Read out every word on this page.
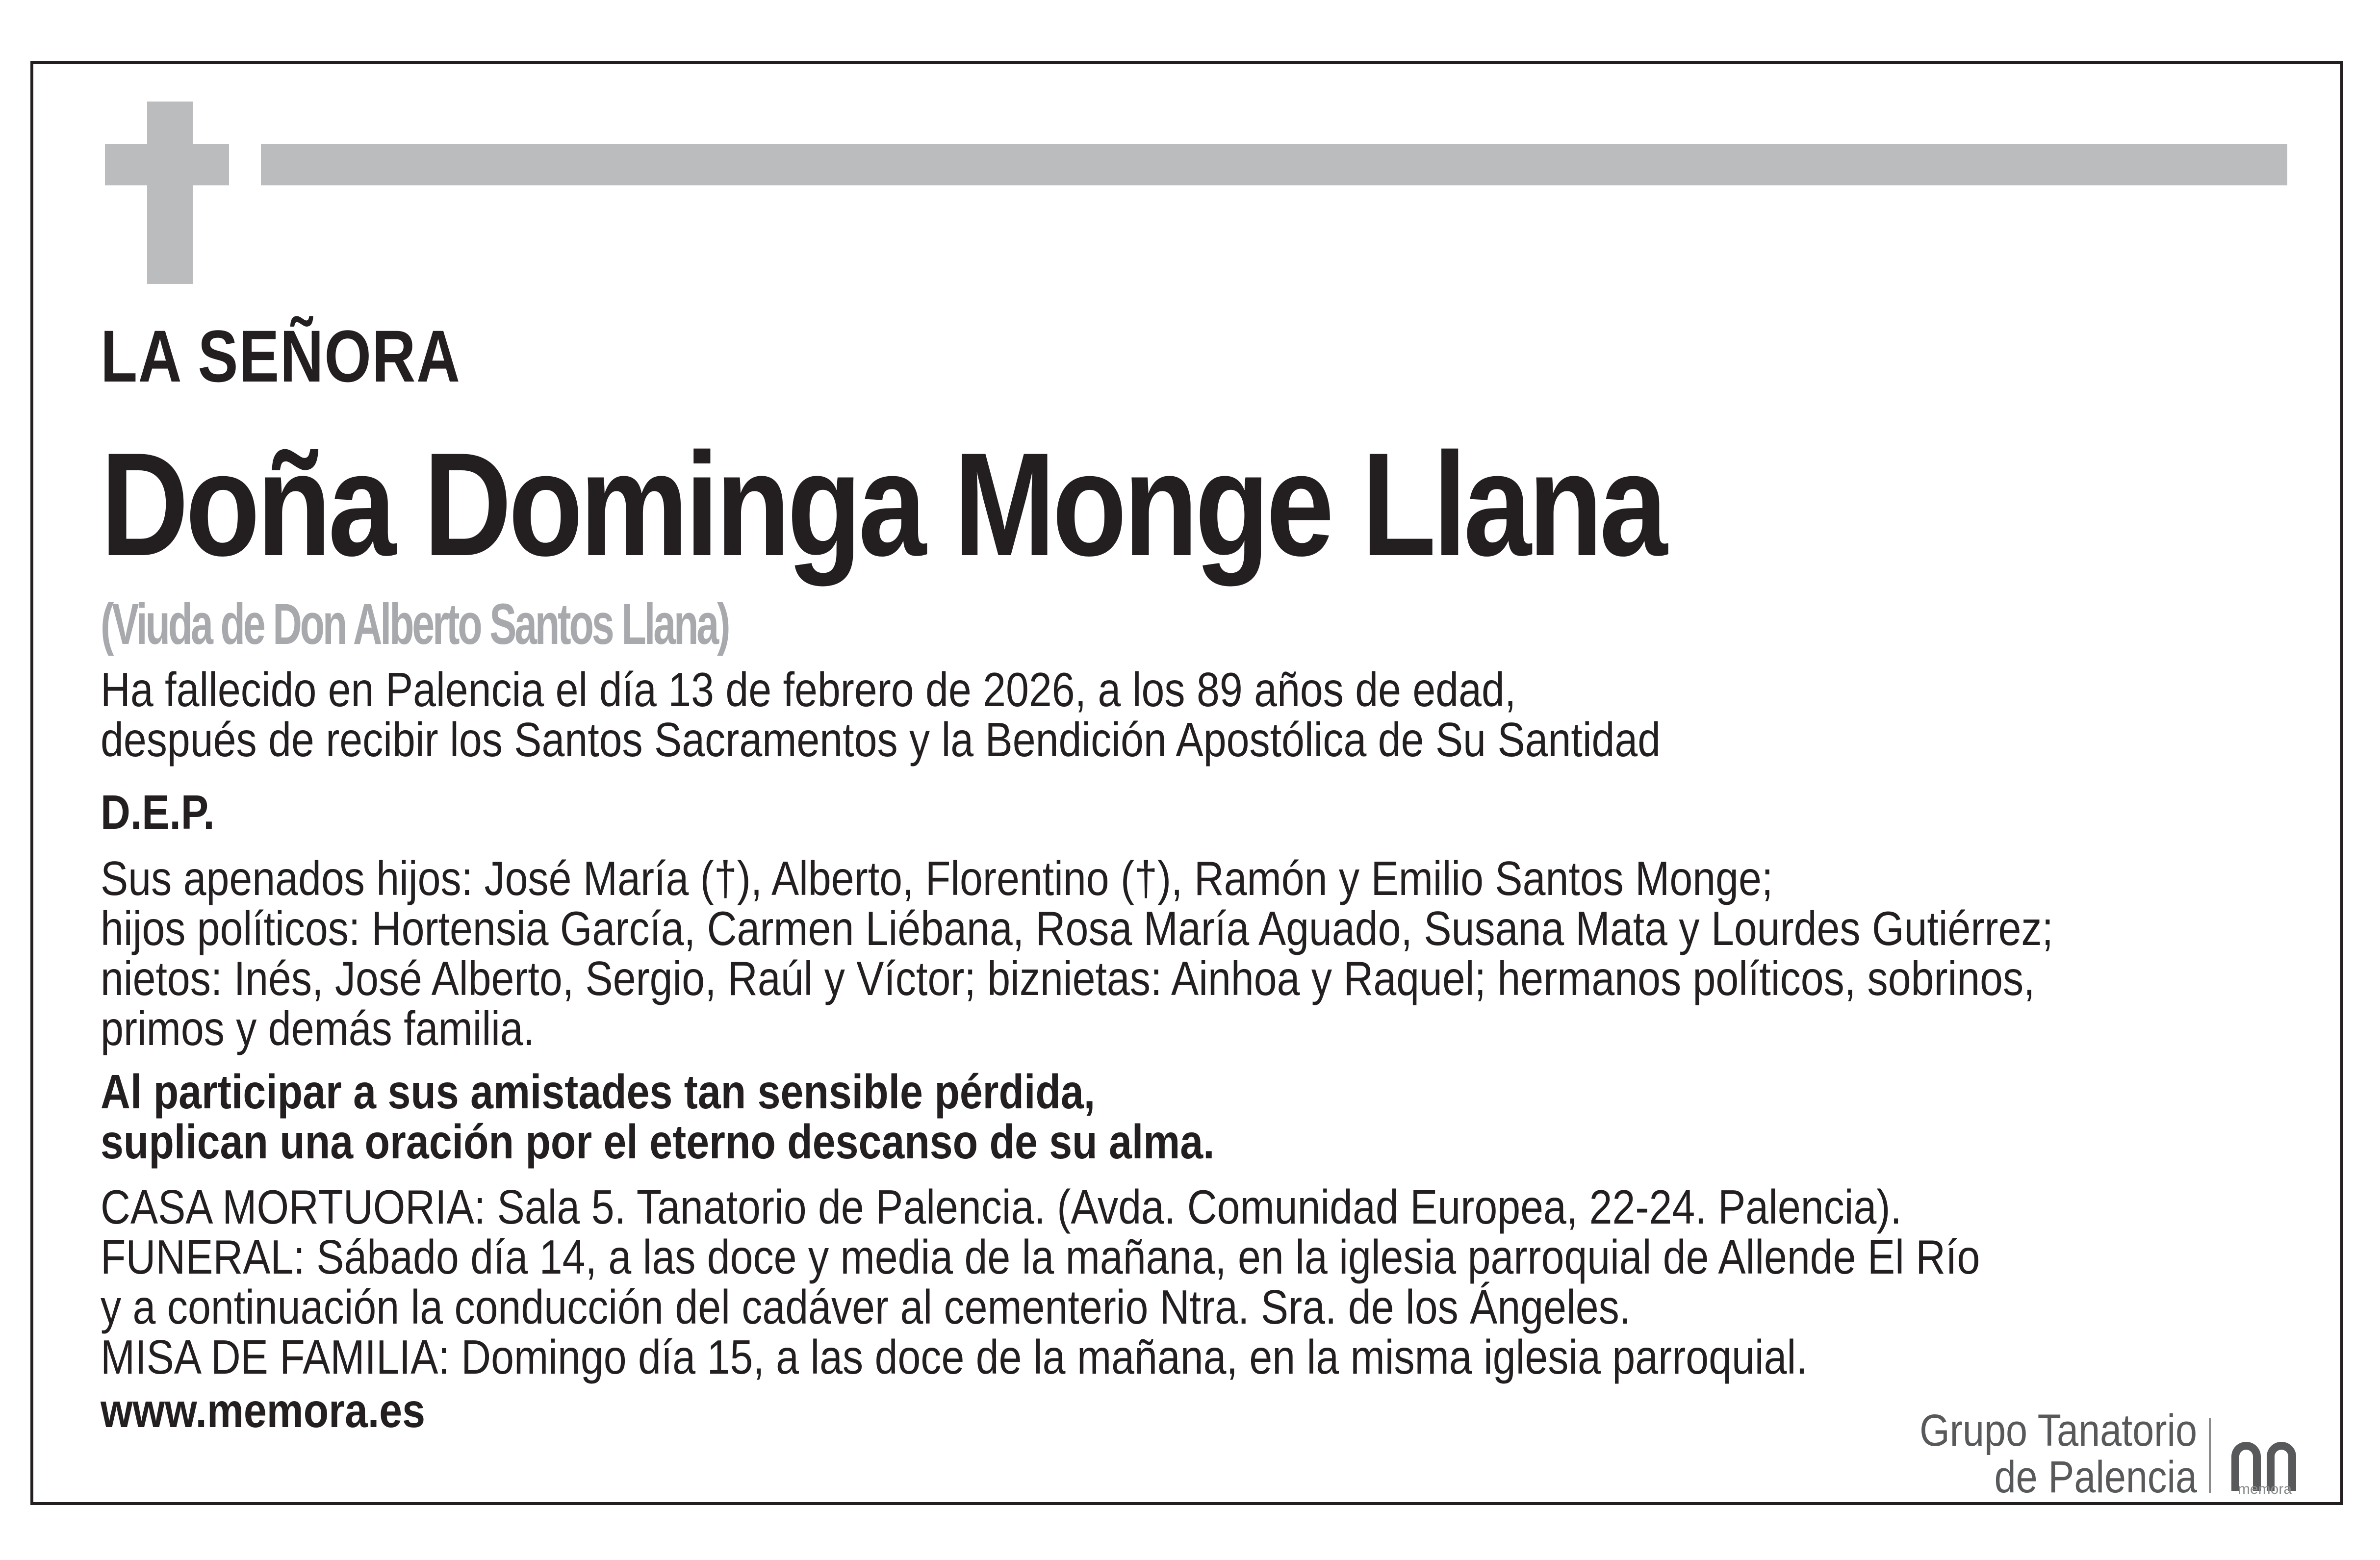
LA SEÑORA
Doña Dominga Monge Llana
(Viuda de Don Alberto Santos Llana)
Ha fallecido en Palencia el día 13 de febrero de 2026, a los 89 años de edad,
después de recibir los Santos Sacramentos y la Bendición Apostólica de Su Santidad
D.E.P.
Sus apenados hijos: José María (†), Alberto, Florentino (†), Ramón y Emilio Santos Monge;
hijos políticos: Hortensia García, Carmen Liébana, Rosa María Aguado, Susana Mata y Lourdes Gutiérrez;
nietos: Inés, José Alberto, Sergio, Raúl y Víctor; biznietas: Ainhoa y Raquel; hermanos políticos, sobrinos,
primos y demás familia.
Al participar a sus amistades tan sensible pérdida,
suplican una oración por el eterno descanso de su alma.
CASA MORTUORIA: Sala 5. Tanatorio de Palencia. (Avda. Comunidad Europea, 22-24. Palencia).
FUNERAL: Sábado día 14, a las doce y media de la mañana, en la iglesia parroquial de Allende El Río
y a continuación la conducción del cadáver al cementerio Ntra. Sra. de los Ángeles.
MISA DE FAMILIA: Domingo día 15, a las doce de la mañana, en la misma iglesia parroquial.
www.memora.es	Grupo Tanatorio
de Palencia	memora
